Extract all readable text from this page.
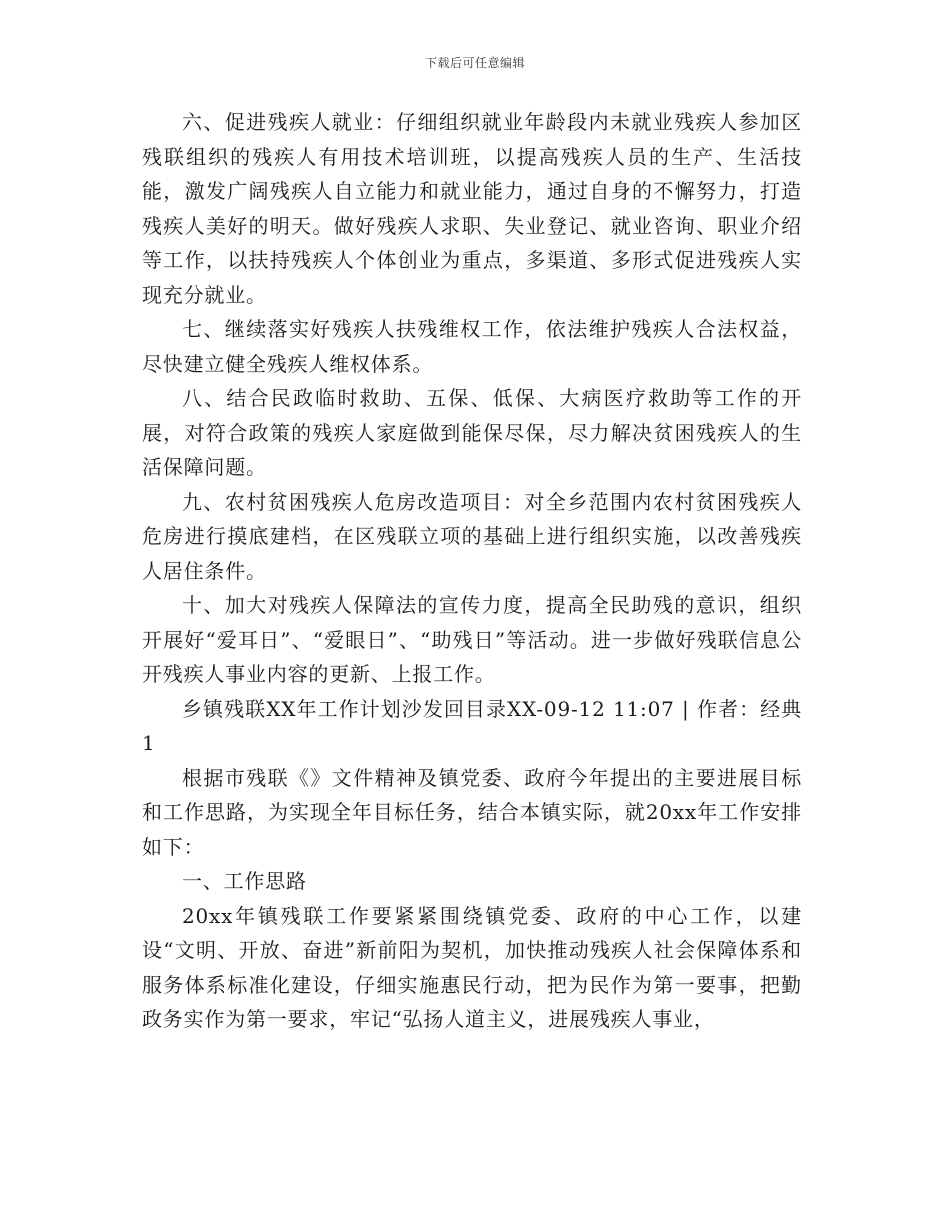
下载后可任意编辑

六、促进残疾人就业：仔细组织就业年龄段内未就业残疾人参加区残联组织的残疾人有用技术培训班，以提高残疾人员的生产、生活技能，激发广阔残疾人自立能力和就业能力，通过自身的不懈努力，打造残疾人美好的明天。做好残疾人求职、失业登记、就业咨询、职业介绍等工作，以扶持残疾人个体创业为重点，多渠道、多形式促进残疾人实现充分就业。

七、继续落实好残疾人扶残维权工作，依法维护残疾人合法权益，尽快建立健全残疾人维权体系。

八、结合民政临时救助、五保、低保、大病医疗救助等工作的开展，对符合政策的残疾人家庭做到能保尽保，尽力解决贫困残疾人的生活保障问题。

九、农村贫困残疾人危房改造项目：对全乡范围内农村贫困残疾人危房进行摸底建档，在区残联立项的基础上进行组织实施，以改善残疾人居住条件。

十、加大对残疾人保障法的宣传力度，提高全民助残的意识，组织开展好“爱耳日”、“爱眼日”、“助残日”等活动。进一步做好残联信息公开残疾人事业内容的更新、上报工作。

乡镇残联XX年工作计划沙发回目录XX-09-12 11:07 | 作者：经典1

根据市残联《》文件精神及镇党委、政府今年提出的主要进展目标和工作思路，为实现全年目标任务，结合本镇实际，就20xx年工作安排如下：

一、工作思路

20xx年镇残联工作要紧紧围绕镇党委、政府的中心工作，以建设“文明、开放、奋进”新前阳为契机，加快推动残疾人社会保障体系和服务体系标准化建设，仔细实施惠民行动，把为民作为第一要事，把勤政务实作为第一要求，牢记“弘扬人道主义，进展残疾人事业，
